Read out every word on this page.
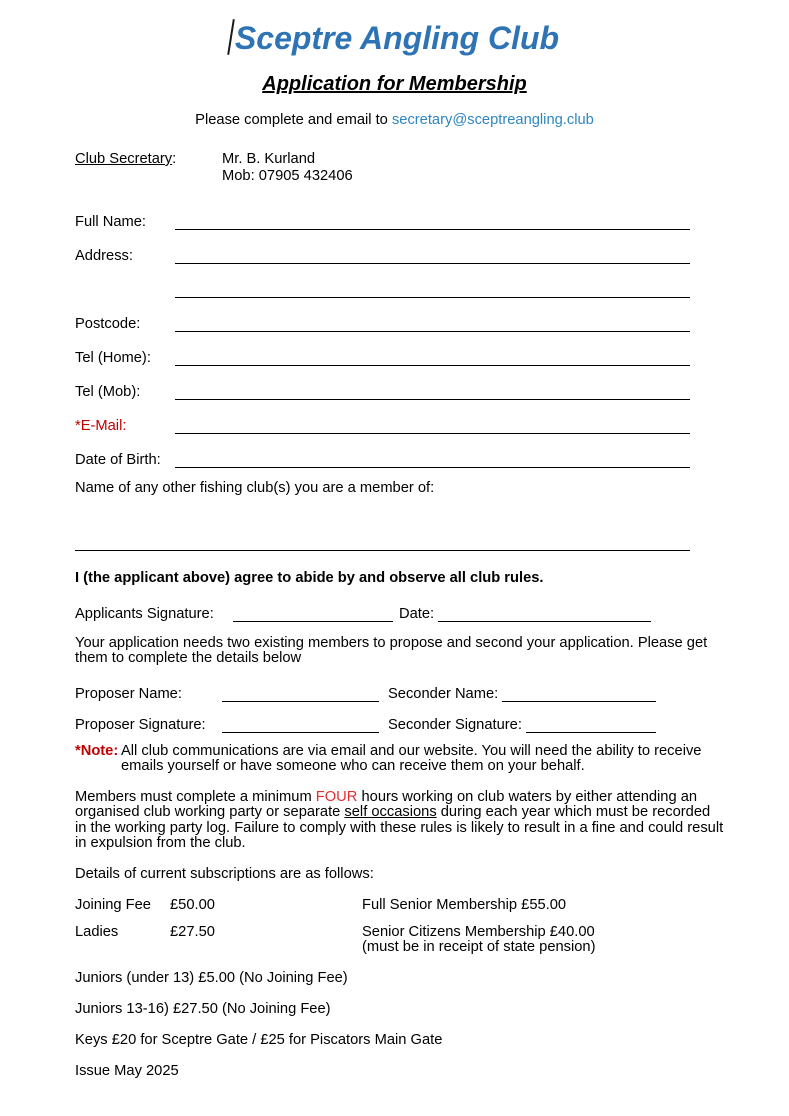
Sceptre Angling Club
Application for Membership
Please complete and email to secretary@sceptreangling.club
Club Secretary:	Mr. B. Kurland
Mob: 07905 432406
Full Name:
Address:
Postcode:
Tel (Home):
Tel (Mob):
*E-Mail:
Date of Birth:
Name of any other fishing club(s) you are a member of:
I (the applicant above) agree to abide by and observe all club rules.
Applicants Signature:	Date:
Your application needs two existing members to propose and second your application. Please get them to complete the details below
Proposer Name:	Seconder Name:
Proposer Signature:	Seconder Signature:
*Note: All club communications are via email and our website. You will need the ability to receive emails yourself or have someone who can receive them on your behalf.
Members must complete a minimum FOUR hours working on club waters by either attending an organised club working party or separate self occasions during each year which must be recorded in the working party log. Failure to comply with these rules is likely to result in a fine and could result in expulsion from the club.
Details of current subscriptions are as follows:
Joining Fee	£50.00	Full Senior Membership £55.00
Ladies	£27.50	Senior Citizens Membership £40.00
(must be in receipt of state pension)
Juniors (under 13) £5.00 (No Joining Fee)
Juniors 13-16) £27.50 (No Joining Fee)
Keys £20 for Sceptre Gate / £25 for Piscators Main Gate
Issue May 2025
